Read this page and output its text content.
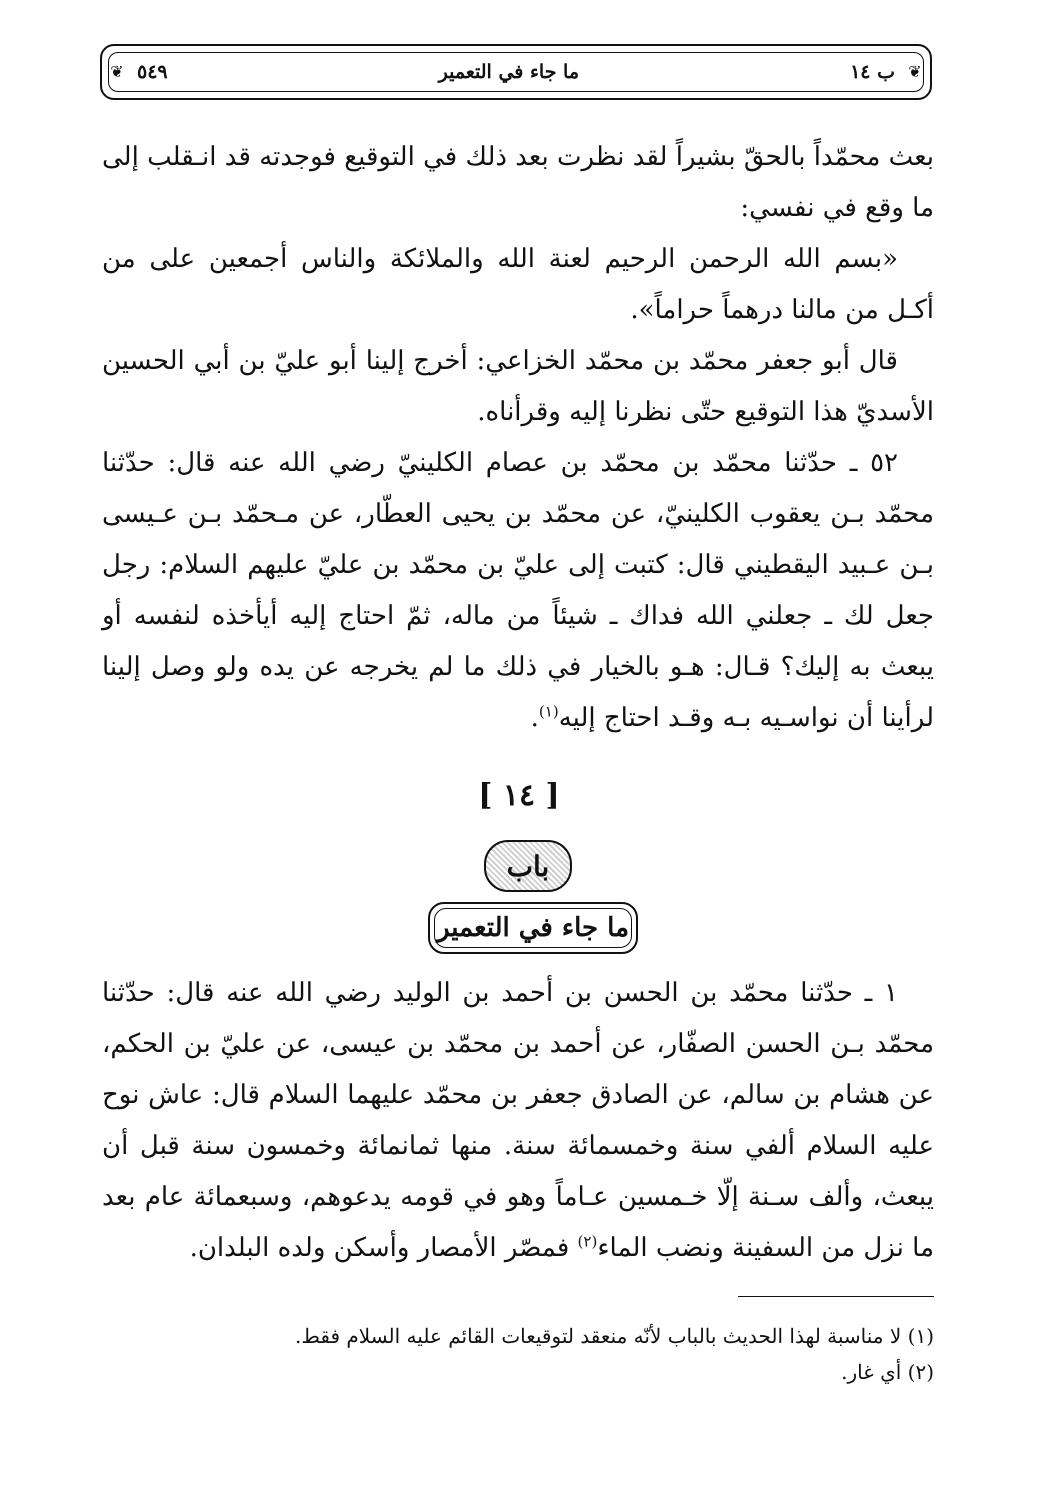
❦	❦
ب ١٤
ما جاء في التعمير
٥٤٩

بعث محمّداً بالحقّ بشيراً لقد نظرت بعد ذلك في التوقيع فوجدته قد انـقلب إلى ما وقع في نفسي:

«بسم الله الرحمن الرحيم لعنة الله والملائكة والناس أجمعين على من أكـل من مالنا درهماً حراماً».

قال أبو جعفر محمّد بن محمّد الخزاعي: أخرج إلينا أبو عليّ بن أبي الحسين الأسديّ هذا التوقيع حتّى نظرنا إليه وقرأناه.

٥٢ ـ حدّثنا محمّد بن محمّد بن عصام الكلينيّ رضي الله عنه قال: حدّثنا محمّد بـن يعقوب الكلينيّ، عن محمّد بن يحيى العطّار، عن مـحمّد بـن عـيسى بـن عـبيد اليقطيني قال: كتبت إلى عليّ بن محمّد بن عليّ عليهم السلام: رجل جعل لك ـ جعلني الله فداك ـ شيئاً من ماله، ثمّ احتاج إليه أيأخذه لنفسه أو يبعث به إليك؟ قـال: هـو بالخيار في ذلك ما لم يخرجه عن يده ولو وصل إلينا لرأينا أن نواسـيه بـه وقـد احتاج إليه$^{(١)}$.

[ ١٤ ]
باب
ما جاء في التعمير

١ ـ حدّثنا محمّد بن الحسن بن أحمد بن الوليد رضي الله عنه قال: حدّثنا محمّد بـن الحسن الصفّار، عن أحمد بن محمّد بن عيسى، عن عليّ بن الحكم، عن هشام بن سالم، عن الصادق جعفر بن محمّد عليهما السلام قال: عاش نوح عليه السلام ألفي سنة وخمسمائة سنة. منها ثمانمائة وخمسون سنة قبل أن يبعث، وألف سـنة إلّا خـمسين عـاماً وهو في قومه يدعوهم، وسبعمائة عام بعد ما نزل من السفينة ونضب الماء$^{(٢)}$ فمصّر الأمصار وأسكن ولده البلدان.

(١) لا مناسبة لهذا الحديث بالباب لأنّه منعقد لتوقيعات القائم عليه السلام فقط.

(٢) أي غار.
